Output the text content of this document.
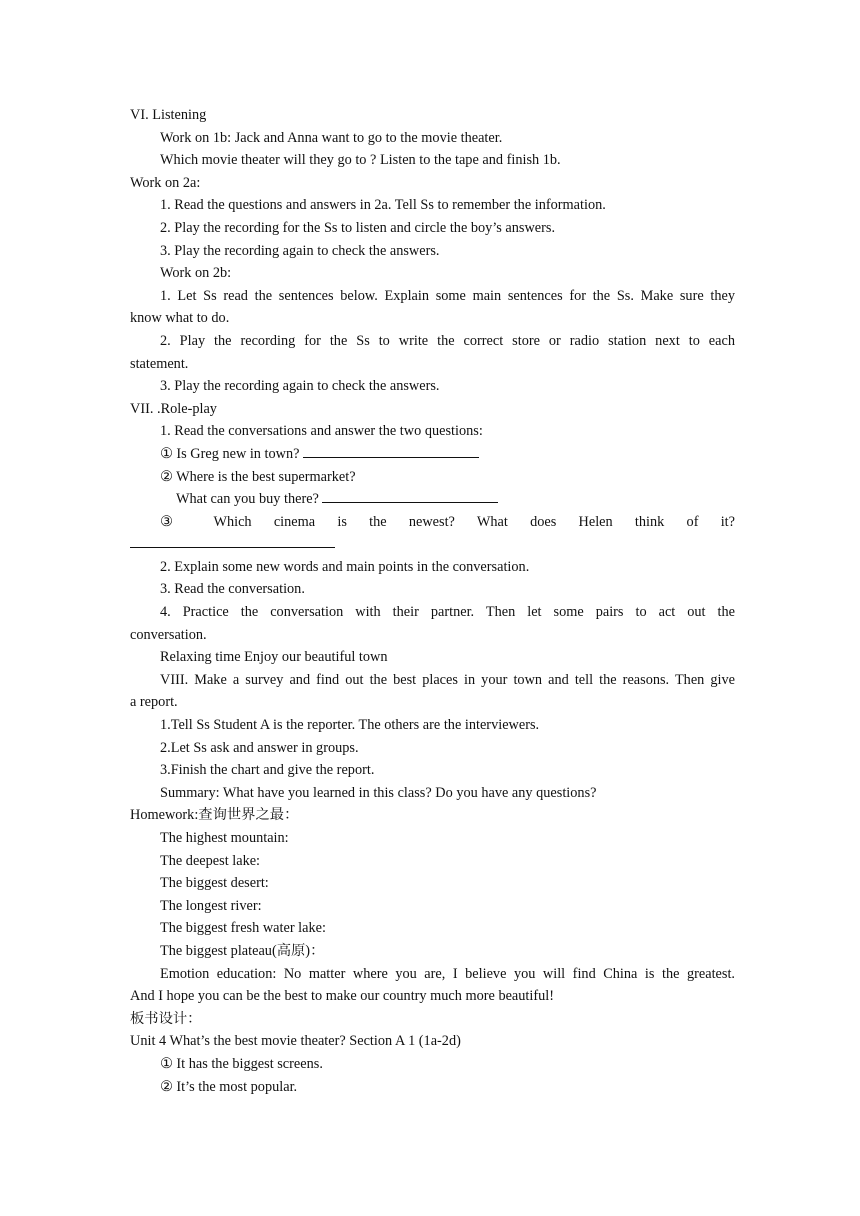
VI. Listening
Work on 1b: Jack and Anna want to go to the movie theater.
Which movie theater will they go to ? Listen to the tape and finish 1b.
Work on 2a:
1. Read the questions and answers in 2a. Tell Ss to remember the information.
2. Play the recording for the Ss to listen and circle the boy’s answers.
3. Play the recording again to check the answers.
Work on 2b:
1. Let Ss read the sentences below. Explain some main sentences for the Ss. Make sure they
know what to do.
2. Play the recording for the Ss to write the correct store or radio station next to each
statement.
3. Play the recording again to check the answers.
VII. .Role-play
1. Read the conversations and answer the two questions:
① Is Greg new in town?
② Where is the best supermarket?
What can you buy there?
③ Which cinema is the newest? What does Helen think of it?
2. Explain some new words and main points in the conversation.
3. Read the conversation.
4. Practice the conversation with their partner. Then let some pairs to act out the
conversation.
Relaxing time Enjoy our beautiful town
VIII. Make a survey and find out the best places in your town and tell the reasons. Then give
a report.
1.Tell Ss Student A is the reporter. The others are the interviewers.
2.Let Ss ask and answer in groups.
3.Finish the chart and give the report.
Summary: What have you learned in this class? Do you have any questions?
Homework:查询世界之最：
The highest mountain:
The deepest lake:
The biggest desert:
The longest river:
The biggest fresh water lake:
The biggest plateau(高原)：
Emotion education: No matter where you are, I believe you will find China is the greatest.
And I hope you can be the best to make our country much more beautiful!
板书设计：
Unit 4 What’s the best movie theater? Section A 1 (1a-2d)
① It has the biggest screens.
② It’s the most popular.
